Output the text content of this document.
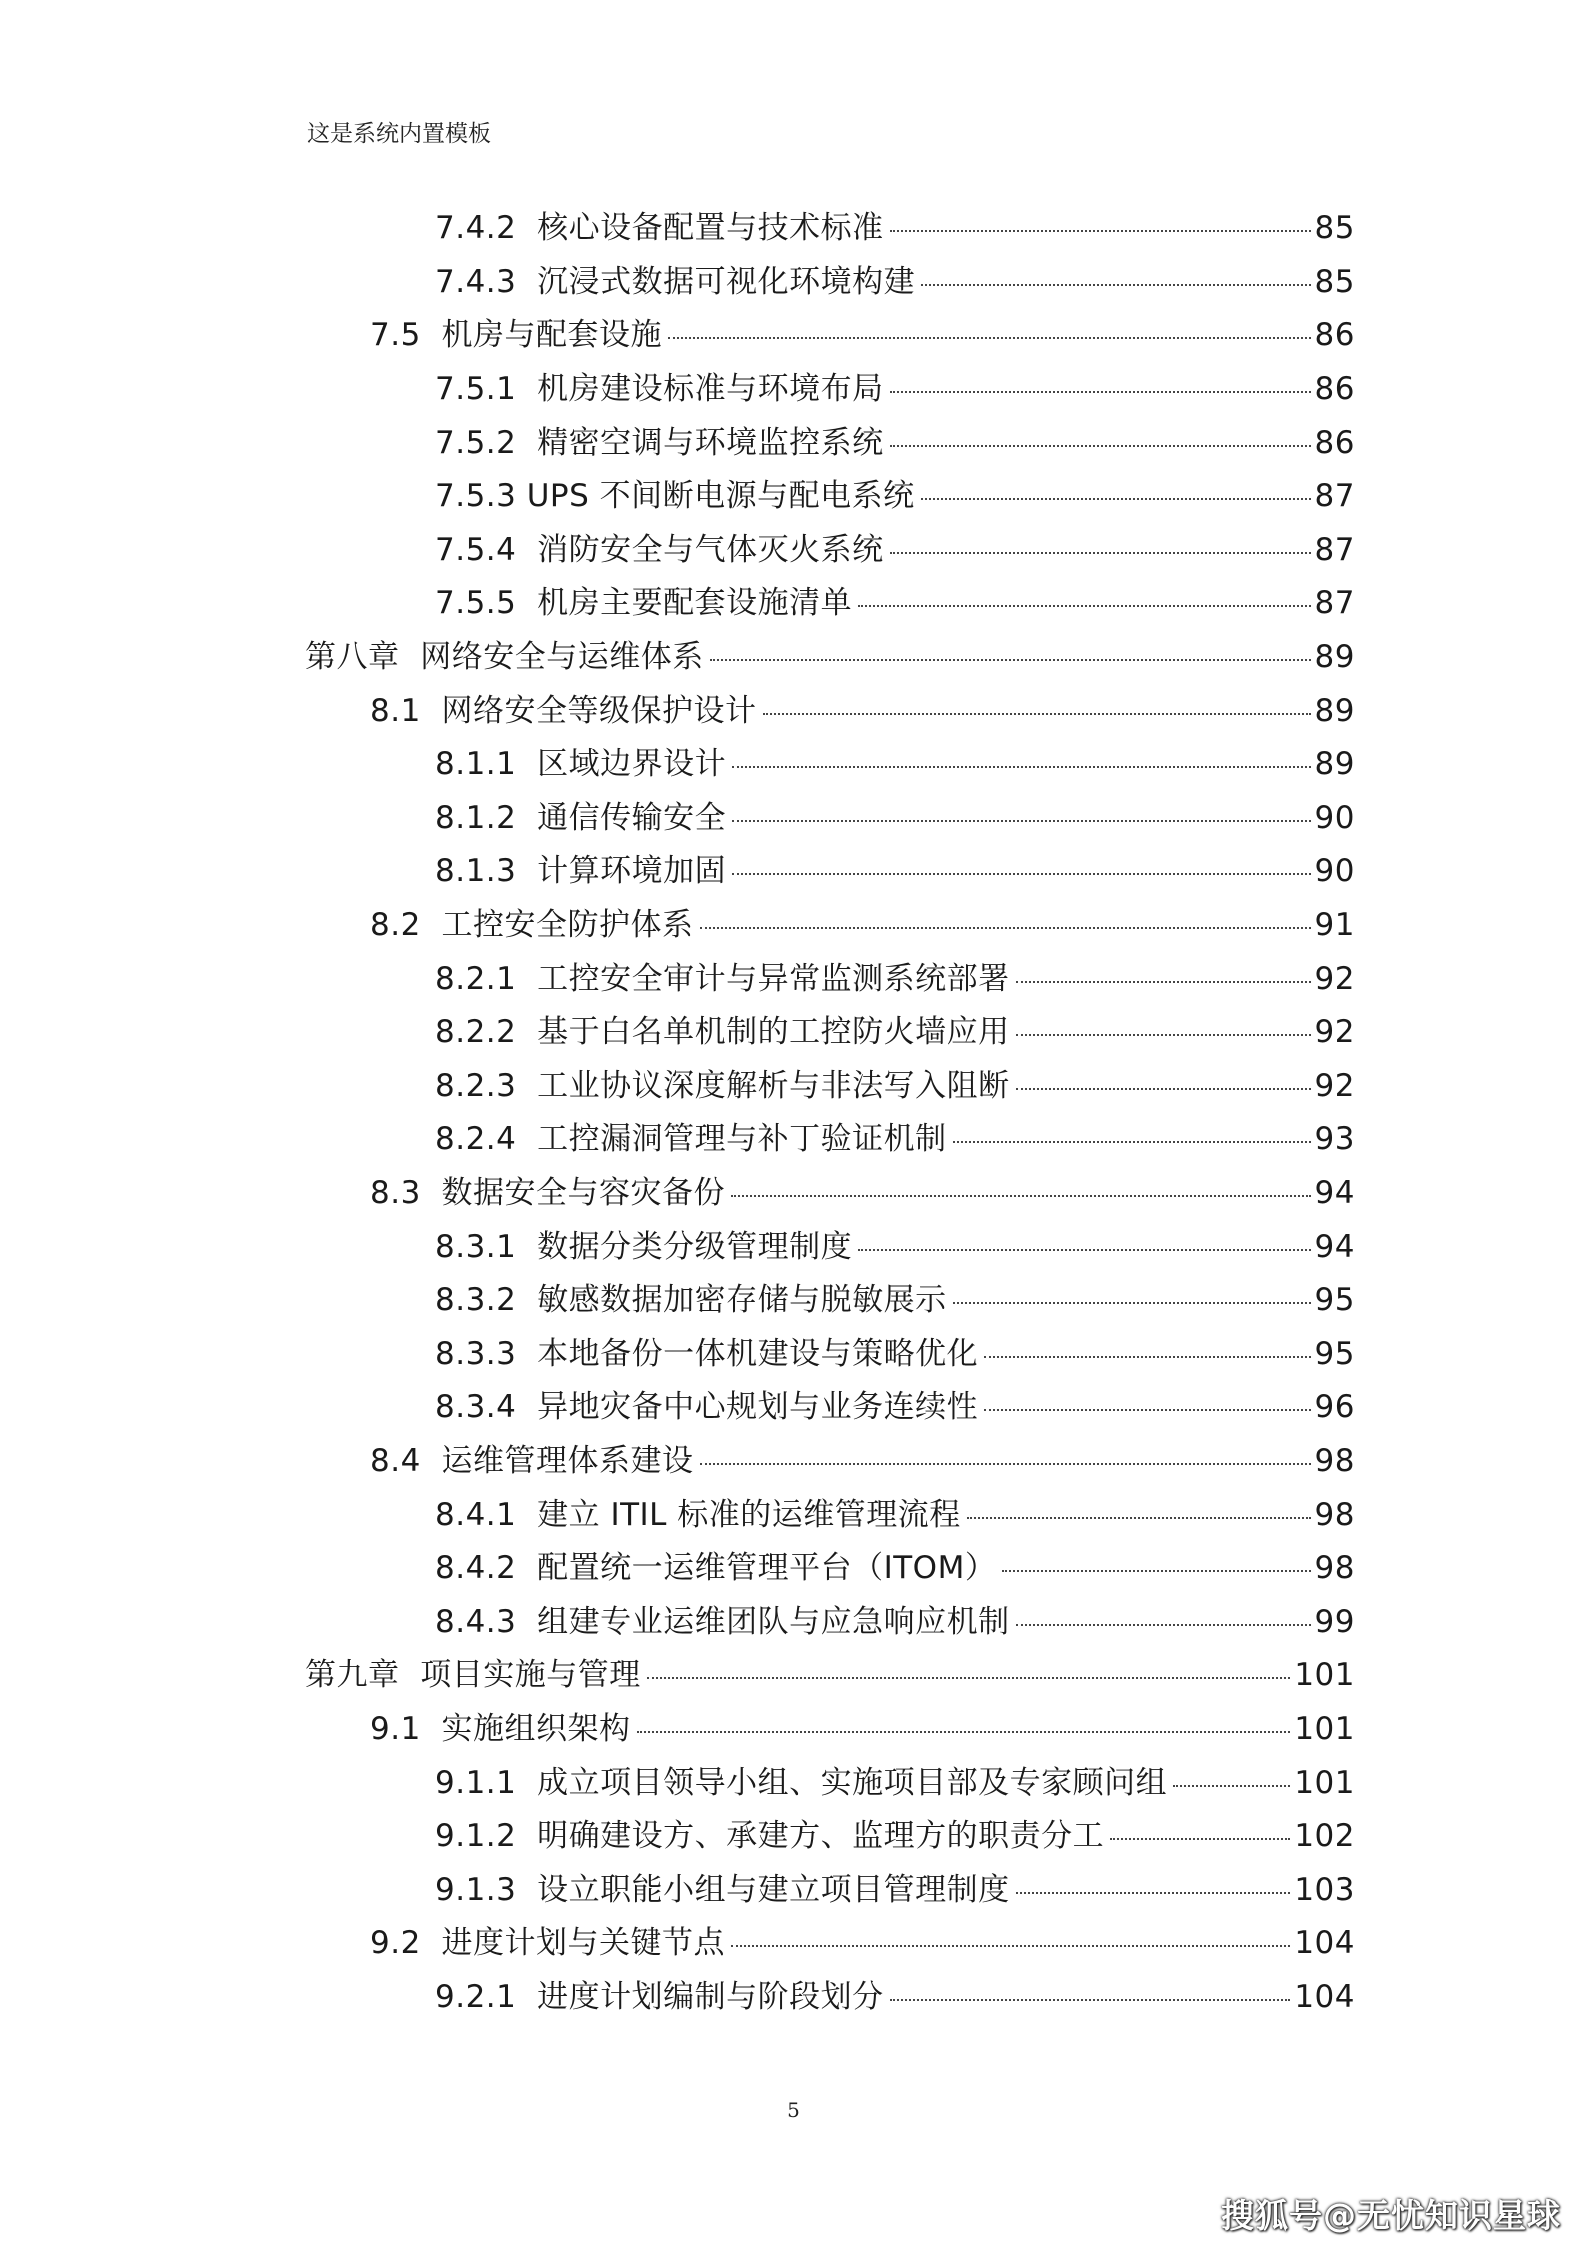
这是系统内置模板
7.4.2 核心设备配置与技术标准	85
7.4.3 沉浸式数据可视化环境构建	85
7.5 机房与配套设施	86
7.5.1 机房建设标准与环境布局	86
7.5.2 精密空调与环境监控系统	86
7.5.3 UPS 不间断电源与配电系统	87
7.5.4 消防安全与气体灭火系统	87
7.5.5 机房主要配套设施清单	87
第八章 网络安全与运维体系	89
8.1 网络安全等级保护设计	89
8.1.1 区域边界设计	89
8.1.2 通信传输安全	90
8.1.3 计算环境加固	90
8.2 工控安全防护体系	91
8.2.1 工控安全审计与异常监测系统部署	92
8.2.2 基于白名单机制的工控防火墙应用	92
8.2.3 工业协议深度解析与非法写入阻断	92
8.2.4 工控漏洞管理与补丁验证机制	93
8.3 数据安全与容灾备份	94
8.3.1 数据分类分级管理制度	94
8.3.2 敏感数据加密存储与脱敏展示	95
8.3.3 本地备份一体机建设与策略优化	95
8.3.4 异地灾备中心规划与业务连续性	96
8.4 运维管理体系建设	98
8.4.1 建立 ITIL 标准的运维管理流程	98
8.4.2 配置统一运维管理平台（ITOM）	98
8.4.3 组建专业运维团队与应急响应机制	99
第九章 项目实施与管理	101
9.1 实施组织架构	101
9.1.1 成立项目领导小组、实施项目部及专家顾问组	101
9.1.2 明确建设方、承建方、监理方的职责分工	102
9.1.3 设立职能小组与建立项目管理制度	103
9.2 进度计划与关键节点	104
9.2.1 进度计划编制与阶段划分	104
5
搜狐号@无忧知识星球
